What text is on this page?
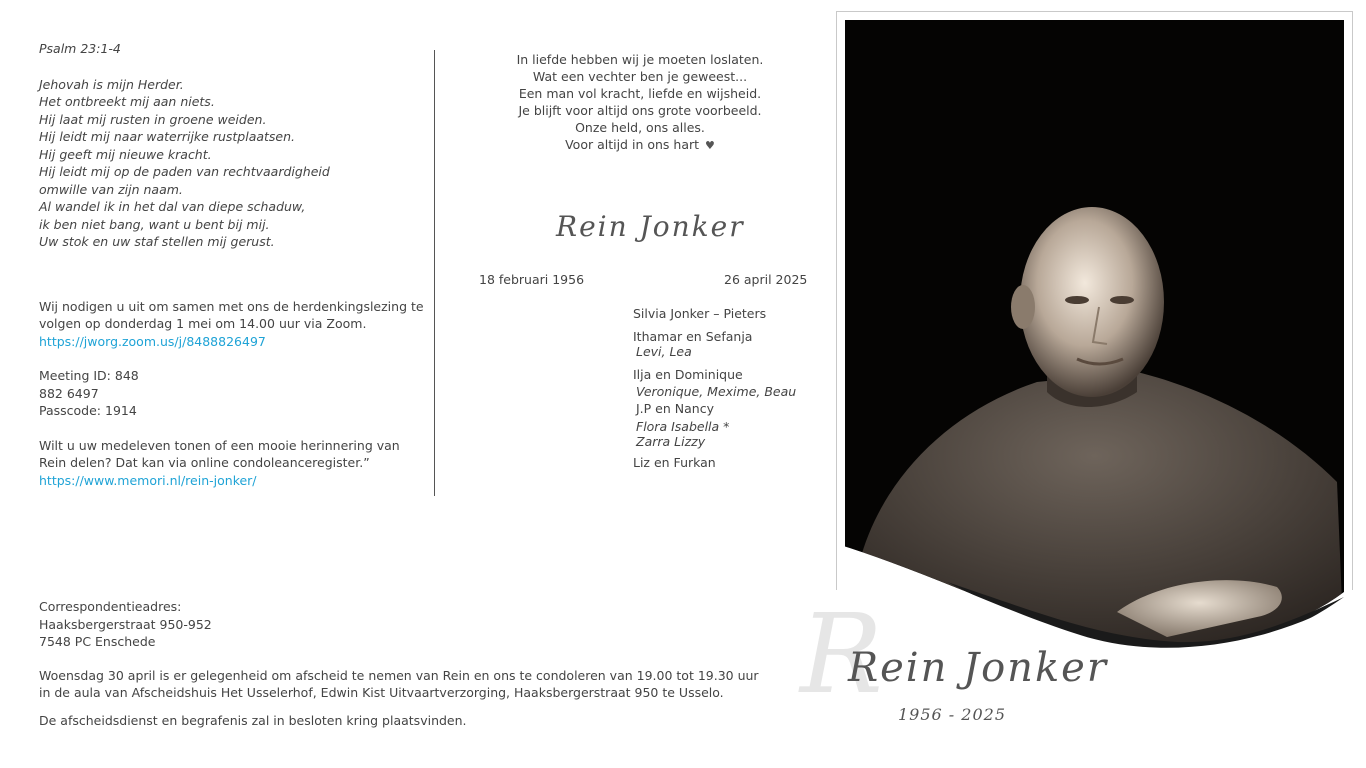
Psalm 23:1-4
Jehovah is mijn Herder.
Het ontbreekt mij aan niets.
Hij laat mij rusten in groene weiden.
Hij leidt mij naar waterrijke rustplaatsen.
Hij geeft mij nieuwe kracht.
Hij leidt mij op de paden van rechtvaardigheid
omwille van zijn naam.
Al wandel ik in het dal van diepe schaduw,
ik ben niet bang, want u bent bij mij.
Uw stok en uw staf stellen mij gerust.
Wij nodigen u uit om samen met ons de herdenkingslezing te
volgen op donderdag 1 mei om 14.00 uur via Zoom.
https://jworg.zoom.us/j/8488826497
Meeting ID: 848
882 6497
Passcode: 1914
Wilt u uw medeleven tonen of een mooie herinnering van
Rein delen? Dat kan via online condoleanceregister.”
https://www.memori.nl/rein-jonker/
In liefde hebben wij je moeten loslaten.
Wat een vechter ben je geweest...
Een man vol kracht, liefde en wijsheid.
Je blijft voor altijd ons grote voorbeeld.
Onze held, ons alles.
Voor altijd in ons hart ♥
Rein Jonker
18 februari 1956	26 april 2025
Silvia Jonker – Pieters
Ithamar en Sefanja
Levi, Lea
Ilja en Dominique
Veronique, Mexime, Beau
J.P en Nancy
Flora Isabella *
Zarra Lizzy
Liz en Furkan
Correspondentieadres:
Haaksbergerstraat 950-952
7548 PC Enschede
Woensdag 30 april is er gelegenheid om afscheid te nemen van Rein en ons te condoleren van 19.00 tot 19.30 uur
in de aula van Afscheidshuis Het Usselerhof, Edwin Kist Uitvaartverzorging, Haaksbergerstraat 950 te Usselo.
De afscheidsdienst en begrafenis zal in besloten kring plaatsvinden.
R
Rein Jonker
1956 - 2025
